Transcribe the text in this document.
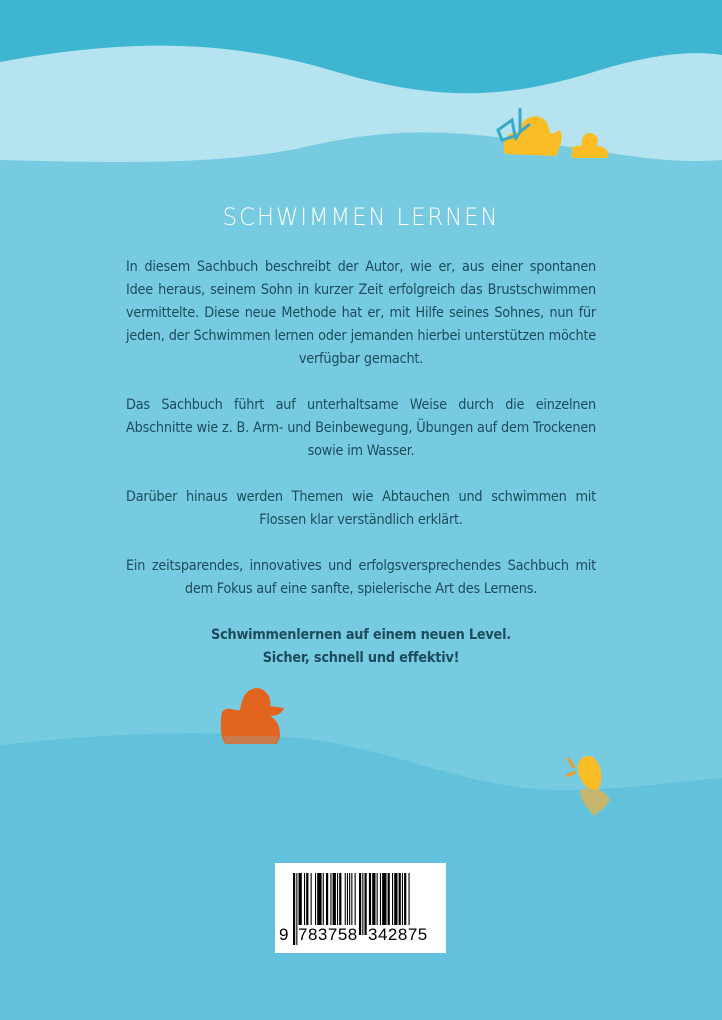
SCHWIMMEN LERNEN

In diesem Sachbuch beschreibt der Autor, wie er, aus einer spontanen Idee heraus, seinem Sohn in kurzer Zeit erfolgreich das Brustschwimmen vermittelte. Diese neue Methode hat er, mit Hilfe seines Sohnes, nun für jeden, der Schwimmen lernen oder jemanden hierbei unterstützen möchte verfügbar gemacht.

Das Sachbuch führt auf unterhaltsame Weise durch die einzelnen Abschnitte wie z. B. Arm- und Beinbewegung, Übungen auf dem Trockenen sowie im Wasser.

Darüber hinaus werden Themen wie Abtauchen und schwimmen mit Flossen klar verständlich erklärt.

Ein zeitsparendes, innovatives und erfolgsversprechendes Sachbuch mit dem Fokus auf eine sanfte, spielerische Art des Lernens.

Schwimmenlernen auf einem neuen Level.

Sicher, schnell und effektiv!

9 783758 342875
